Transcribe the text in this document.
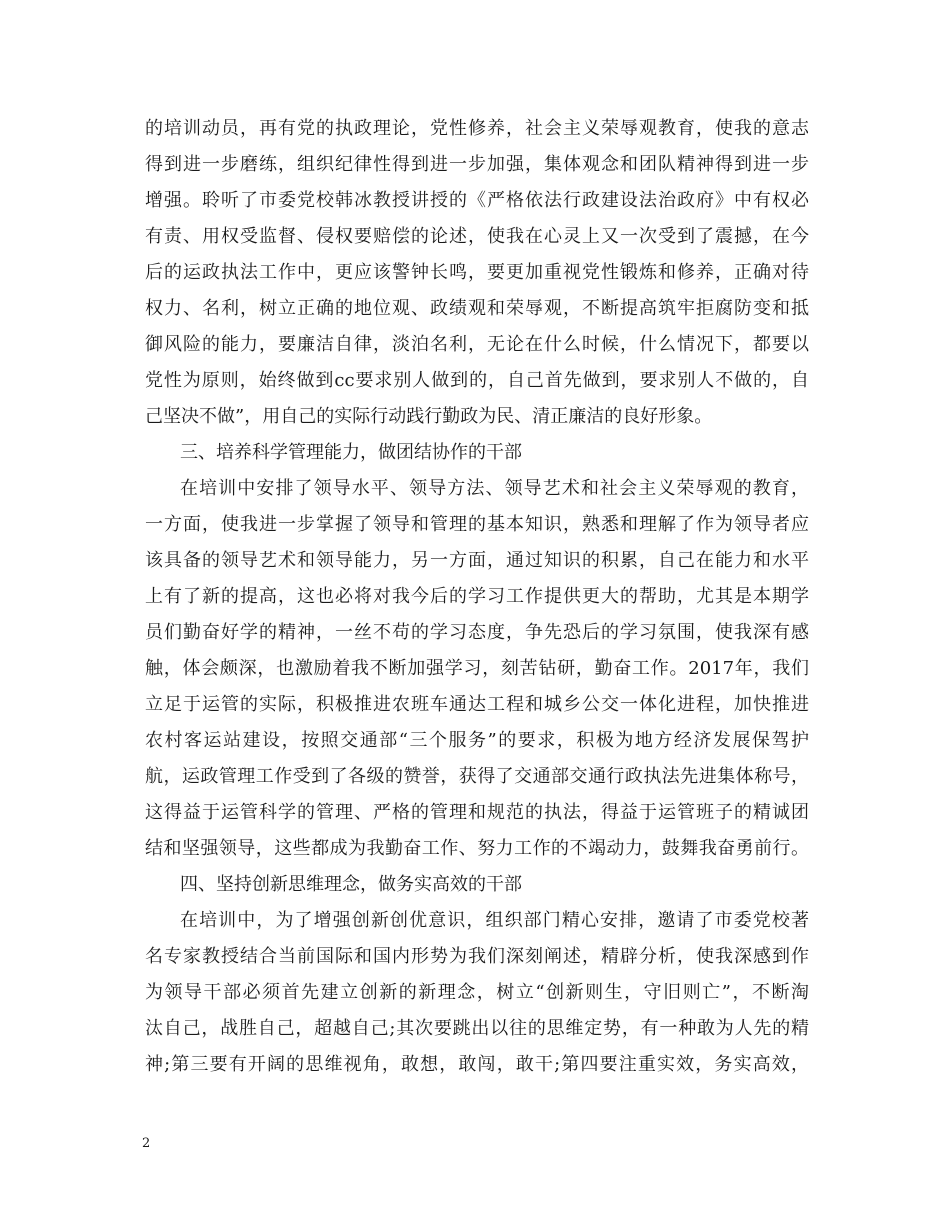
的培训动员，再有党的执政理论，党性修养，社会主义荣辱观教育，使我的意志
得到进一步磨练，组织纪律性得到进一步加强，集体观念和团队精神得到进一步
增强。聆听了市委党校韩冰教授讲授的《严格依法行政建设法治政府》中有权必
有责、用权受监督、侵权要赔偿的论述，使我在心灵上又一次受到了震撼，在今
后的运政执法工作中，更应该警钟长鸣，要更加重视党性锻炼和修养，正确对待
权力、名利，树立正确的地位观、政绩观和荣辱观，不断提高筑牢拒腐防变和抵
御风险的能力，要廉洁自律，淡泊名利，无论在什么时候，什么情况下，都要以
党性为原则，始终做到cc要求别人做到的，自己首先做到，要求别人不做的，自
己坚决不做”，用自己的实际行动践行勤政为民、清正廉洁的良好形象。
三、培养科学管理能力，做团结协作的干部
在培训中安排了领导水平、领导方法、领导艺术和社会主义荣辱观的教育，
一方面，使我进一步掌握了领导和管理的基本知识，熟悉和理解了作为领导者应
该具备的领导艺术和领导能力，另一方面，通过知识的积累，自己在能力和水平
上有了新的提高，这也必将对我今后的学习工作提供更大的帮助，尤其是本期学
员们勤奋好学的精神，一丝不苟的学习态度，争先恐后的学习氛围，使我深有感
触，体会颇深，也激励着我不断加强学习，刻苦钻研，勤奋工作。2017年，我们
立足于运管的实际，积极推进农班车通达工程和城乡公交一体化进程，加快推进
农村客运站建设，按照交通部“三个服务”的要求，积极为地方经济发展保驾护
航，运政管理工作受到了各级的赞誉，获得了交通部交通行政执法先进集体称号，
这得益于运管科学的管理、严格的管理和规范的执法，得益于运管班子的精诚团
结和坚强领导，这些都成为我勤奋工作、努力工作的不竭动力，鼓舞我奋勇前行。
四、坚持创新思维理念，做务实高效的干部
在培训中，为了增强创新创优意识，组织部门精心安排，邀请了市委党校著
名专家教授结合当前国际和国内形势为我们深刻阐述，精辟分析，使我深感到作
为领导干部必须首先建立创新的新理念，树立“创新则生，守旧则亡”，不断淘
汰自己，战胜自己，超越自己;其次要跳出以往的思维定势，有一种敢为人先的精
神;第三要有开阔的思维视角，敢想，敢闯，敢干;第四要注重实效，务实高效，
2
